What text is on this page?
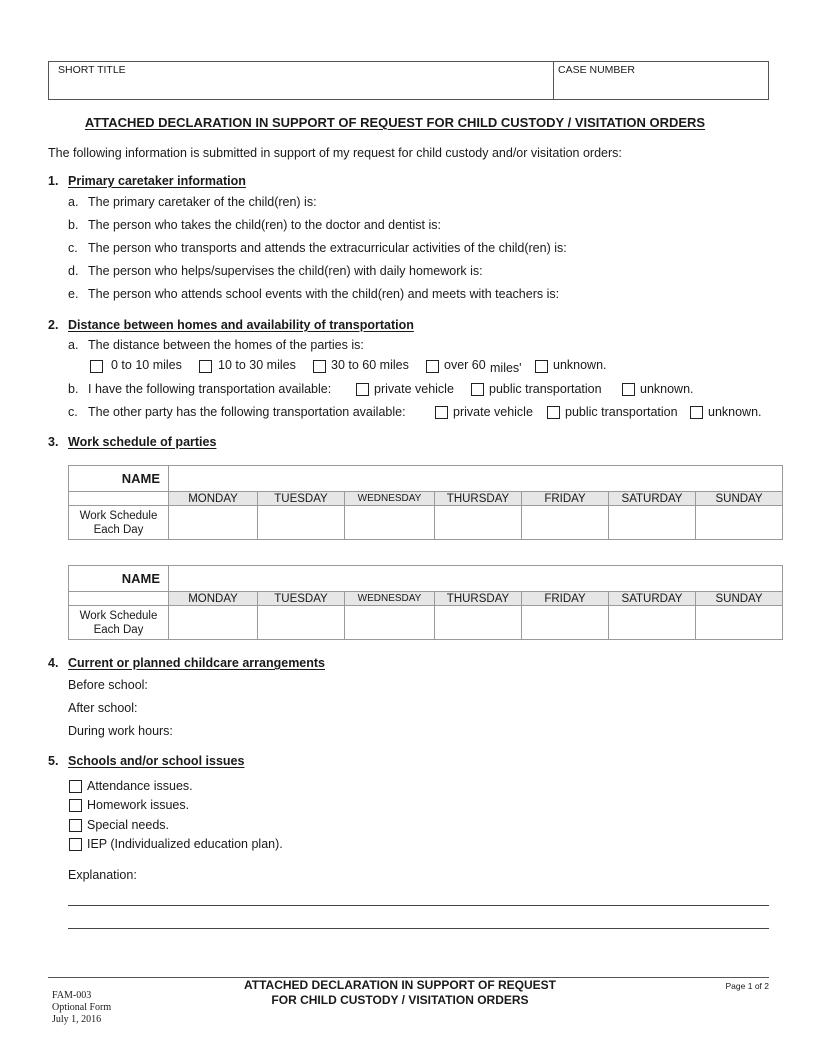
SHORT TITLE	CASE NUMBER
ATTACHED DECLARATION IN SUPPORT OF REQUEST FOR CHILD CUSTODY / VISITATION ORDERS
The following information is submitted in support of my request for child custody and/or visitation orders:
1. Primary caretaker information
a. The primary caretaker of the child(ren) is:
b. The person who takes the child(ren) to the doctor and dentist is:
c. The person who transports and attends the extracurricular activities of the child(ren) is:
d. The person who helps/supervises the child(ren) with daily homework is:
e. The person who attends school events with the child(ren) and meets with teachers is:
2. Distance between homes and availability of transportation
a. The distance between the homes of the parties is:
0 to 10 miles	10 to 30 miles	30 to 60 miles	over 60 miles'	unknown.
b. I have the following transportation available:	private vehicle	public transportation	unknown.
c. The other party has the following transportation available:	private vehicle	public transportation unknown.
3. Work schedule of parties
NAME							
	MONDAY	TUESDAY	WEDNESDAY	THURSDAY	FRIDAY	SATURDAY	SUNDAY
Work Schedule
Each Day							
NAME							
	MONDAY	TUESDAY	WEDNESDAY	THURSDAY	FRIDAY	SATURDAY	SUNDAY
Work Schedule
Each Day							
4. Current or planned childcare arrangements
Before school:
After school:
During work hours:
5. Schools and/or school issues
Attendance issues.
Homework issues.
Special needs.
IEP (Individualized education plan).
Explanation:
FAM-003
Optional Form
July 1, 2016
ATTACHED DECLARATION IN SUPPORT OF REQUEST
FOR CHILD CUSTODY / VISITATION ORDERS
Page 1 of 2
